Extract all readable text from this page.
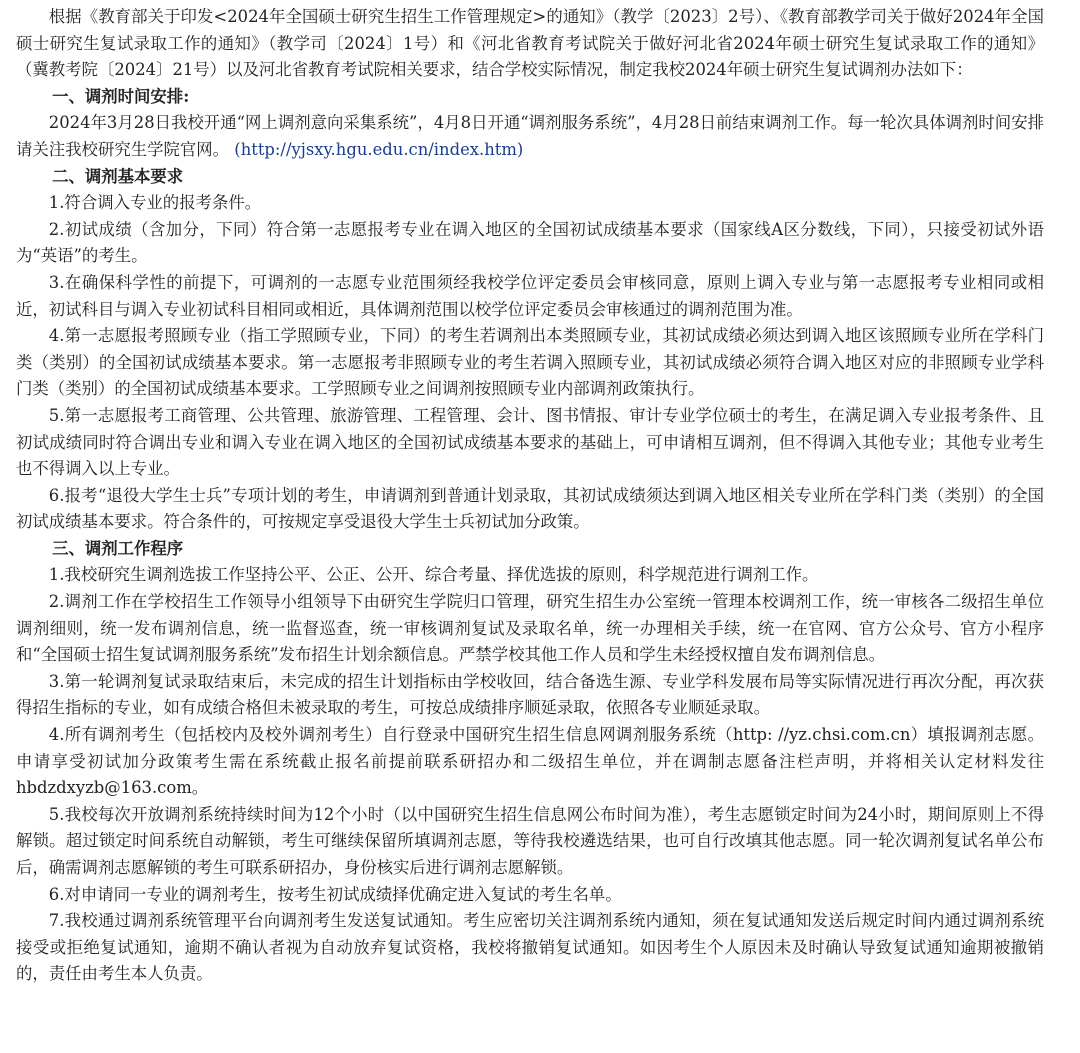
根据《教育部关于印发<2024年全国硕士研究生招生工作管理规定>的通知》（教学〔2023〕2号）、《教育部教学司关于做好2024年全国硕士研究生复试录取工作的通知》（教学司〔2024〕1号）和《河北省教育考试院关于做好河北省2024年硕士研究生复试录取工作的通知》（冀教考院〔2024〕21号）以及河北省教育考试院相关要求，结合学校实际情况，制定我校2024年硕士研究生复试调剂办法如下：

一、调剂时间安排:

2024年3月28日我校开通“网上调剂意向采集系统”，4月8日开通“调剂服务系统”，4月28日前结束调剂工作。每一轮次具体调剂时间安排请关注我校研究生学院官网。 (http://yjsxy.hgu.edu.cn/index.htm)

二、调剂基本要求

1.符合调入专业的报考条件。

2.初试成绩（含加分，下同）符合第一志愿报考专业在调入地区的全国初试成绩基本要求（国家线A区分数线，下同），只接受初试外语为“英语”的考生。

3.在确保科学性的前提下，可调剂的一志愿专业范围须经我校学位评定委员会审核同意，原则上调入专业与第一志愿报考专业相同或相近，初试科目与调入专业初试科目相同或相近，具体调剂范围以校学位评定委员会审核通过的调剂范围为准。

4.第一志愿报考照顾专业（指工学照顾专业，下同）的考生若调剂出本类照顾专业，其初试成绩必须达到调入地区该照顾专业所在学科门类（类别）的全国初试成绩基本要求。第一志愿报考非照顾专业的考生若调入照顾专业，其初试成绩必须符合调入地区对应的非照顾专业学科门类（类别）的全国初试成绩基本要求。工学照顾专业之间调剂按照顾专业内部调剂政策执行。

5.第一志愿报考工商管理、公共管理、旅游管理、工程管理、会计、图书情报、审计专业学位硕士的考生，在满足调入专业报考条件、且初试成绩同时符合调出专业和调入专业在调入地区的全国初试成绩基本要求的基础上，可申请相互调剂，但不得调入其他专业；其他专业考生也不得调入以上专业。

6.报考“退役大学生士兵”专项计划的考生，申请调剂到普通计划录取，其初试成绩须达到调入地区相关专业所在学科门类（类别）的全国初试成绩基本要求。符合条件的，可按规定享受退役大学生士兵初试加分政策。

三、调剂工作程序

1.我校研究生调剂选拔工作坚持公平、公正、公开、综合考量、择优选拔的原则，科学规范进行调剂工作。

2.调剂工作在学校招生工作领导小组领导下由研究生学院归口管理，研究生招生办公室统一管理本校调剂工作，统一审核各二级招生单位调剂细则，统一发布调剂信息，统一监督巡查，统一审核调剂复试及录取名单，统一办理相关手续，统一在官网、官方公众号、官方小程序和“全国硕士招生复试调剂服务系统”发布招生计划余额信息。严禁学校其他工作人员和学生未经授权擅自发布调剂信息。

3.第一轮调剂复试录取结束后，未完成的招生计划指标由学校收回，结合备选生源、专业学科发展布局等实际情况进行再次分配，再次获得招生指标的专业，如有成绩合格但未被录取的考生，可按总成绩排序顺延录取，依照各专业顺延录取。

4.所有调剂考生（包括校内及校外调剂考生）自行登录中国研究生招生信息网调剂服务系统（http: //yz.chsi.com.cn）填报调剂志愿。申请享受初试加分政策考生需在系统截止报名前提前联系研招办和二级招生单位，并在调制志愿备注栏声明，并将相关认定材料发往hbdzdxyzb@163.com。

5.我校每次开放调剂系统持续时间为12个小时（以中国研究生招生信息网公布时间为准），考生志愿锁定时间为24小时，期间原则上不得解锁。超过锁定时间系统自动解锁，考生可继续保留所填调剂志愿，等待我校遴选结果，也可自行改填其他志愿。同一轮次调剂复试名单公布后，确需调剂志愿解锁的考生可联系研招办，身份核实后进行调剂志愿解锁。

6.对申请同一专业的调剂考生，按考生初试成绩择优确定进入复试的考生名单。

7.我校通过调剂系统管理平台向调剂考生发送复试通知。考生应密切关注调剂系统内通知，须在复试通知发送后规定时间内通过调剂系统接受或拒绝复试通知，逾期不确认者视为自动放弃复试资格，我校将撤销复试通知。如因考生个人原因未及时确认导致复试通知逾期被撤销的，责任由考生本人负责。
